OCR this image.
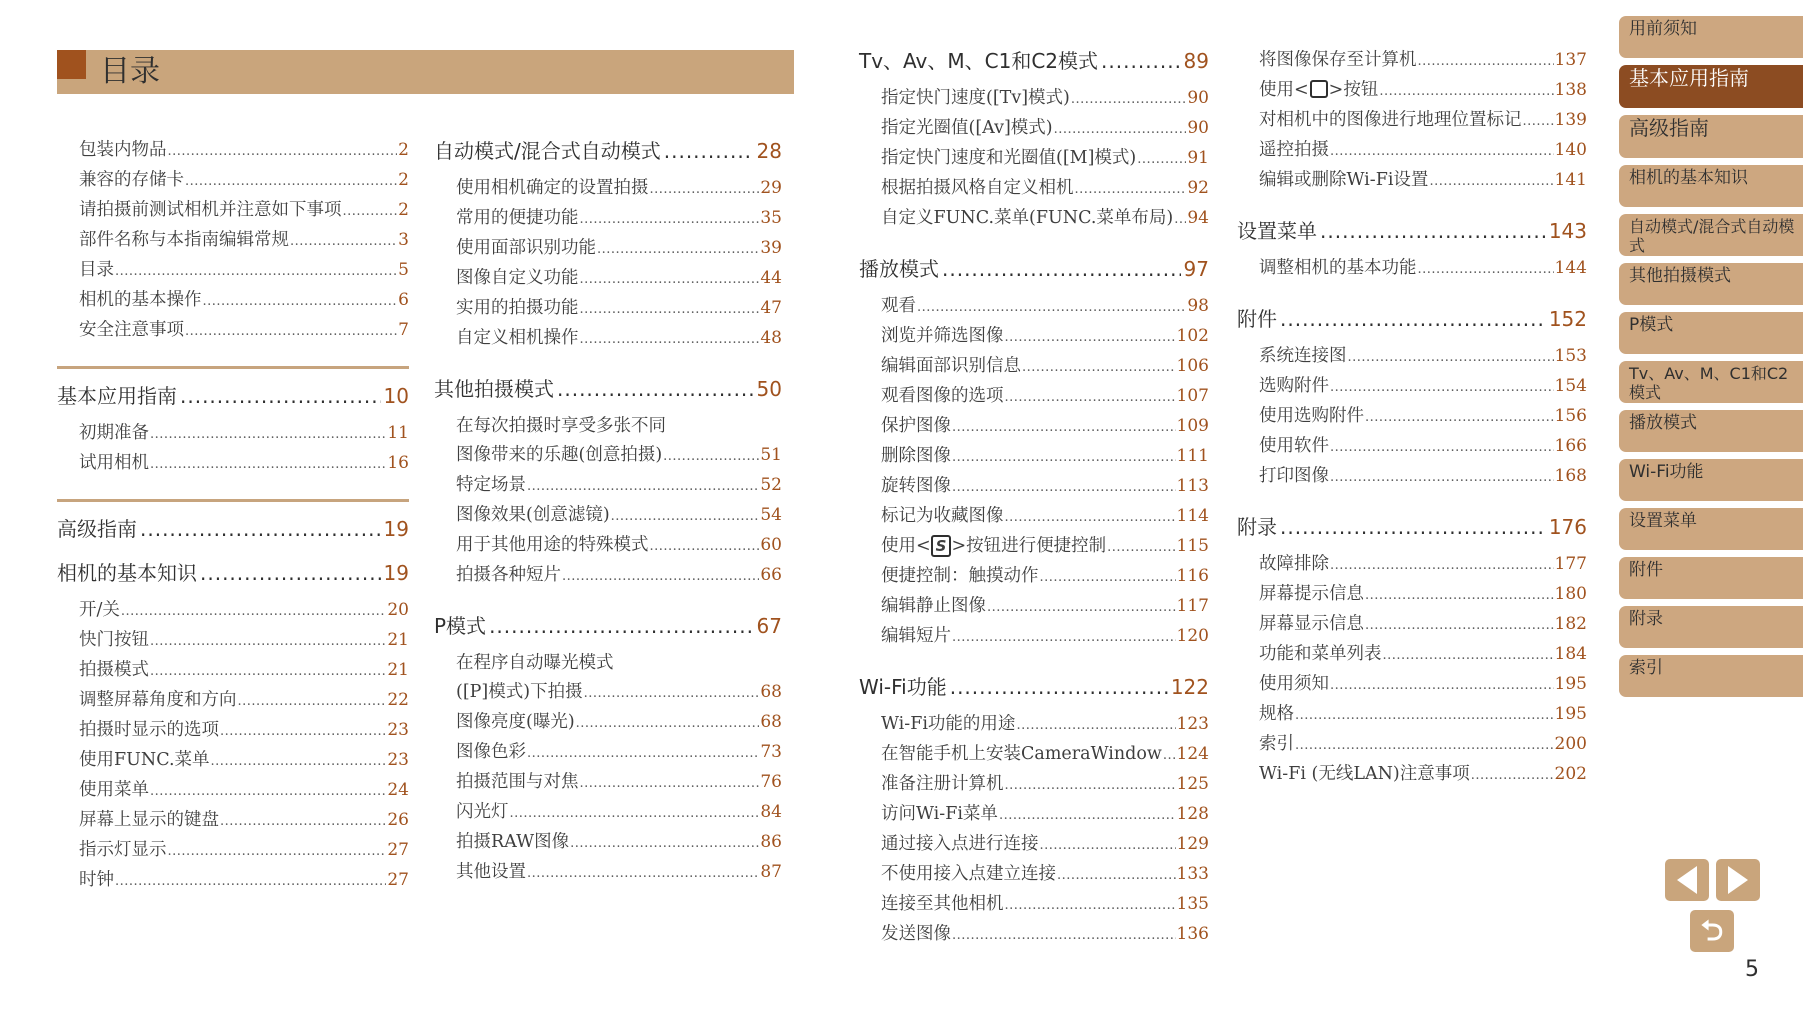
目录
包装内物品 .....	2
兼容的存储卡 .....	2
请拍摄前测试相机并注意如下事项 .....	2
部件名称与本指南编辑常规 .....	3
目录 .....	5
相机的基本操作 .....	6
安全注意事项 .....	7
基本应用指南 .....	10
初期准备 .....	11
试用相机 .....	16
高级指南 .....	19
相机的基本知识 .....	19
开/关 .....	20
快门按钮 .....	21
拍摄模式 .....	21
调整屏幕角度和方向 .....	22
拍摄时显示的选项 .....	23
使用FUNC.菜单 .....	23
使用菜单 .....	24
屏幕上显示的键盘 .....	26
指示灯显示 .....	27
时钟 .....	27
自动模式/混合式自动模式 .....	28
使用相机确定的设置拍摄 .....	29
常用的便捷功能 .....	35
使用面部识别功能 .....	39
图像自定义功能 .....	44
实用的拍摄功能 .....	47
自定义相机操作 .....	48
其他拍摄模式 .....	50
在每次拍摄时享受多张不同
图像带来的乐趣(创意拍摄) .....	51
特定场景 .....	52
图像效果(创意滤镜) .....	54
用于其他用途的特殊模式 .....	60
拍摄各种短片 .....	66
P模式 .....	67
在程序自动曝光模式
([P]模式)下拍摄 .....	68
图像亮度(曝光) .....	68
图像色彩 .....	73
拍摄范围与对焦 .....	76
闪光灯 .....	84
拍摄RAW图像 .....	86
其他设置 .....	87
Tv、Av、M、C1和C2模式 .....	89
指定快门速度([Tv]模式) .....	90
指定光圈值([Av]模式) .....	90
指定快门速度和光圈值([M]模式) .....	91
根据拍摄风格自定义相机 .....	92
自定义FUNC.菜单(FUNC.菜单布局) ..... 94
播放模式 .....	97
观看 .....	98
浏览并筛选图像 .....	102
编辑面部识别信息 .....	106
观看图像的选项 .....	107
保护图像 .....	109
删除图像 .....	111
旋转图像 .....	113
标记为收藏图像 .....	114
使用< S >按钮进行便捷控制 .....	115
便捷控制：触摸动作 .....	116
编辑静止图像 .....	117
编辑短片 .....	120
Wi-Fi功能 .....	122
Wi-Fi功能的用途 .....	123
在智能手机上安装CameraWindow ..... 124
准备注册计算机 .....	125
访问Wi-Fi菜单 .....	128
通过接入点进行连接 .....	129
不使用接入点建立连接 .....	133
连接至其他相机 .....	135
发送图像 .....	136
将图像保存至计算机 .....	137
使用< >按钮 .....	138
对相机中的图像进行地理位置标记 ..... 139
遥控拍摄 .....	140
编辑或删除Wi-Fi设置 .....	141
设置菜单 .....	143
调整相机的基本功能 .....	144
附件 .....	152
系统连接图 .....	153
选购附件 .....	154
使用选购附件 .....	156
使用软件 .....	166
打印图像 .....	168
附录 .....	176
故障排除 .....	177
屏幕提示信息 .....	180
屏幕显示信息 .....	182
功能和菜单列表 .....	184
使用须知 .....	195
规格 .....	195
索引 .....	200
Wi-Fi (无线LAN)注意事项 .....	202
用前须知
基本应用指南
高级指南
相机的基本知识
自动模式/混合式自动模式
其他拍摄模式
P模式
Tv、Av、M、C1和C2模式
播放模式
Wi-Fi功能
设置菜单
附件
附录
索引
⮌
5
